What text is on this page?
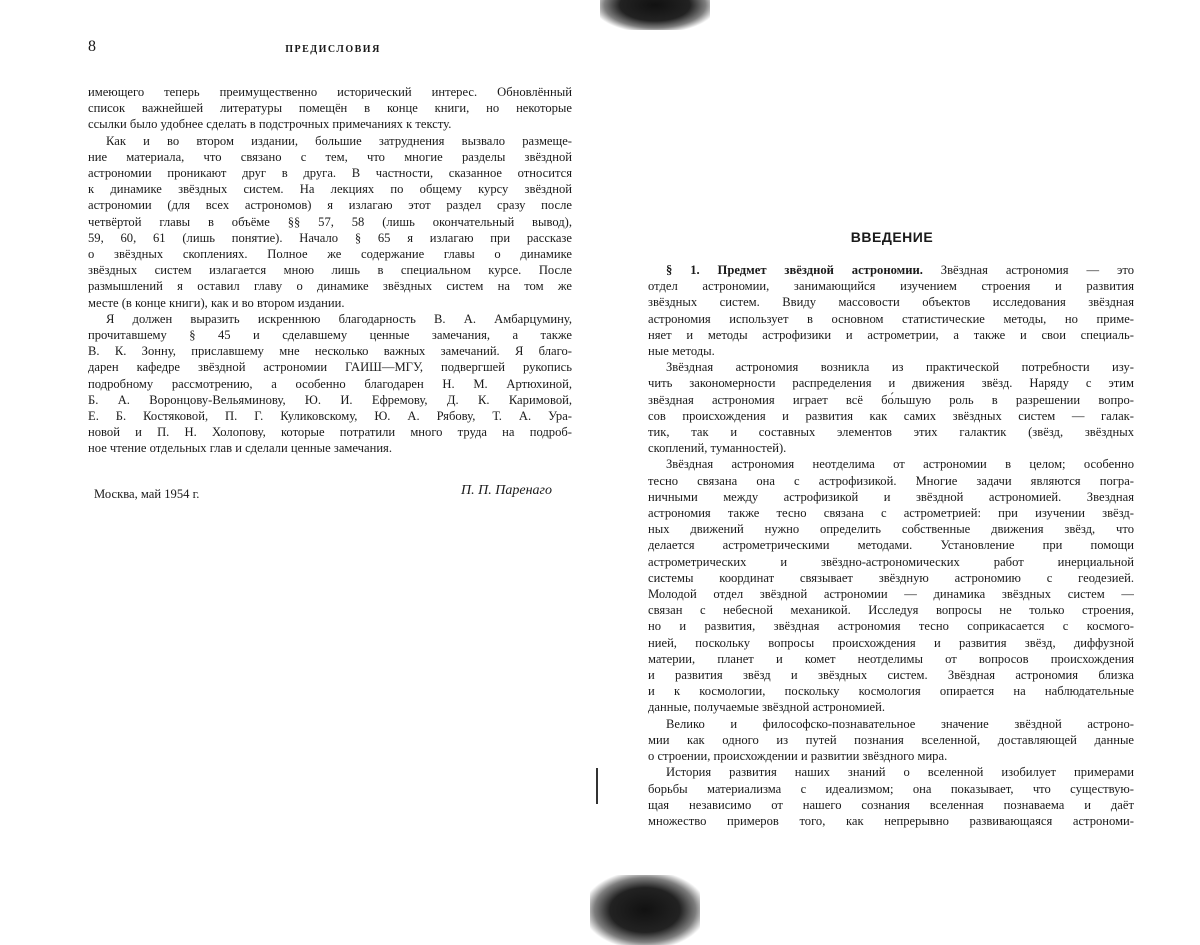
8	ПРЕДИСЛОВИЯ
имеющего теперь преимущественно исторический интерес. Обновлённый
список важнейшей литературы помещён в конце книги, но некоторые
ссылки было удобнее сделать в подстрочных примечаниях к тексту.
Как и во втором издании, большие затруднения вызвало размеще-
ние материала, что связано с тем, что многие разделы звёздной
астрономии проникают друг в друга. В частности, сказанное относится
к динамике звёздных систем. На лекциях по общему курсу звёздной
астрономии (для всех астрономов) я излагаю этот раздел сразу после
четвёртой главы в объёме §§ 57, 58 (лишь окончательный вывод),
59, 60, 61 (лишь понятие). Начало § 65 я излагаю при рассказе
о звёздных скоплениях. Полное же содержание главы о динамике
звёздных систем излагается мною лишь в специальном курсе. После
размышлений я оставил главу о динамике звёздных систем на том же
месте (в конце книги), как и во втором издании.
Я должен выразить искреннюю благодарность В. А. Амбарцумину,
прочитавшему § 45 и сделавшему ценные замечания, а также
В. К. Зонну, приславшему мне несколько важных замечаний. Я благо-
дарен кафедре звёздной астрономии ГАИШ—МГУ, подвергшей рукопись
подробному рассмотрению, а особенно благодарен Н. М. Артюхиной,
Б. А. Воронцову-Вельяминову, Ю. И. Ефремову, Д. К. Каримовой,
Е. Б. Костяковой, П. Г. Куликовскому, Ю. А. Рябову, Т. А. Ура-
новой и П. Н. Холопову, которые потратили много труда на подроб-
ное чтение отдельных глав и сделали ценные замечания.
Москва, май 1954 г.	П. П. Паренаго
ВВЕДЕНИЕ
§ 1. Предмет звёздной астрономии. Звёздная астрономия — это
отдел астрономии, занимающийся изучением строения и развития
звёздных систем. Ввиду массовости объектов исследования звёздная
астрономия использует в основном статистические методы, но приме-
няет и методы астрофизики и астрометрии, а также и свои специаль-
ные методы.
Звёздная астрономия возникла из практической потребности изу-
чить закономерности распределения и движения звёзд. Наряду с этим
звёздная астрономия играет всё бо́льшую роль в разрешении вопро-
сов происхождения и развития как самих звёздных систем — галак-
тик, так и составных элементов этих галактик (звёзд, звёздных
скоплений, туманностей).
Звёздная астрономия неотделима от астрономии в целом; особенно
тесно связана она с астрофизикой. Многие задачи являются погра-
ничными между астрофизикой и звёздной астрономией. Звездная
астрономия также тесно связана с астрометрией: при изучении звёзд-
ных движений нужно определить собственные движения звёзд, что
делается астрометрическими методами. Установление при помощи
астрометрических и звёздно-астрономических работ инерциальной
системы координат связывает звёздную астрономию с геодезией.
Молодой отдел звёздной астрономии — динамика звёздных систем —
связан с небесной механикой. Исследуя вопросы не только строения,
но и развития, звёздная астрономия тесно соприкасается с космого-
нией, поскольку вопросы происхождения и развития звёзд, диффузной
материи, планет и комет неотделимы от вопросов происхождения
и развития звёзд и звёздных систем. Звёздная астрономия близка
и к космологии, поскольку космология опирается на наблюдательные
данные, получаемые звёздной астрономией.
Велико и философско-познавательное значение звёздной астроно-
мии как одного из путей познания вселенной, доставляющей данные
о строении, происхождении и развитии звёздного мира.
История развития наших знаний о вселенной изобилует примерами
борьбы материализма с идеализмом; она показывает, что существую-
щая независимо от нашего сознания вселенная познаваема и даёт
множество примеров того, как непрерывно развивающаяся астрономи-
